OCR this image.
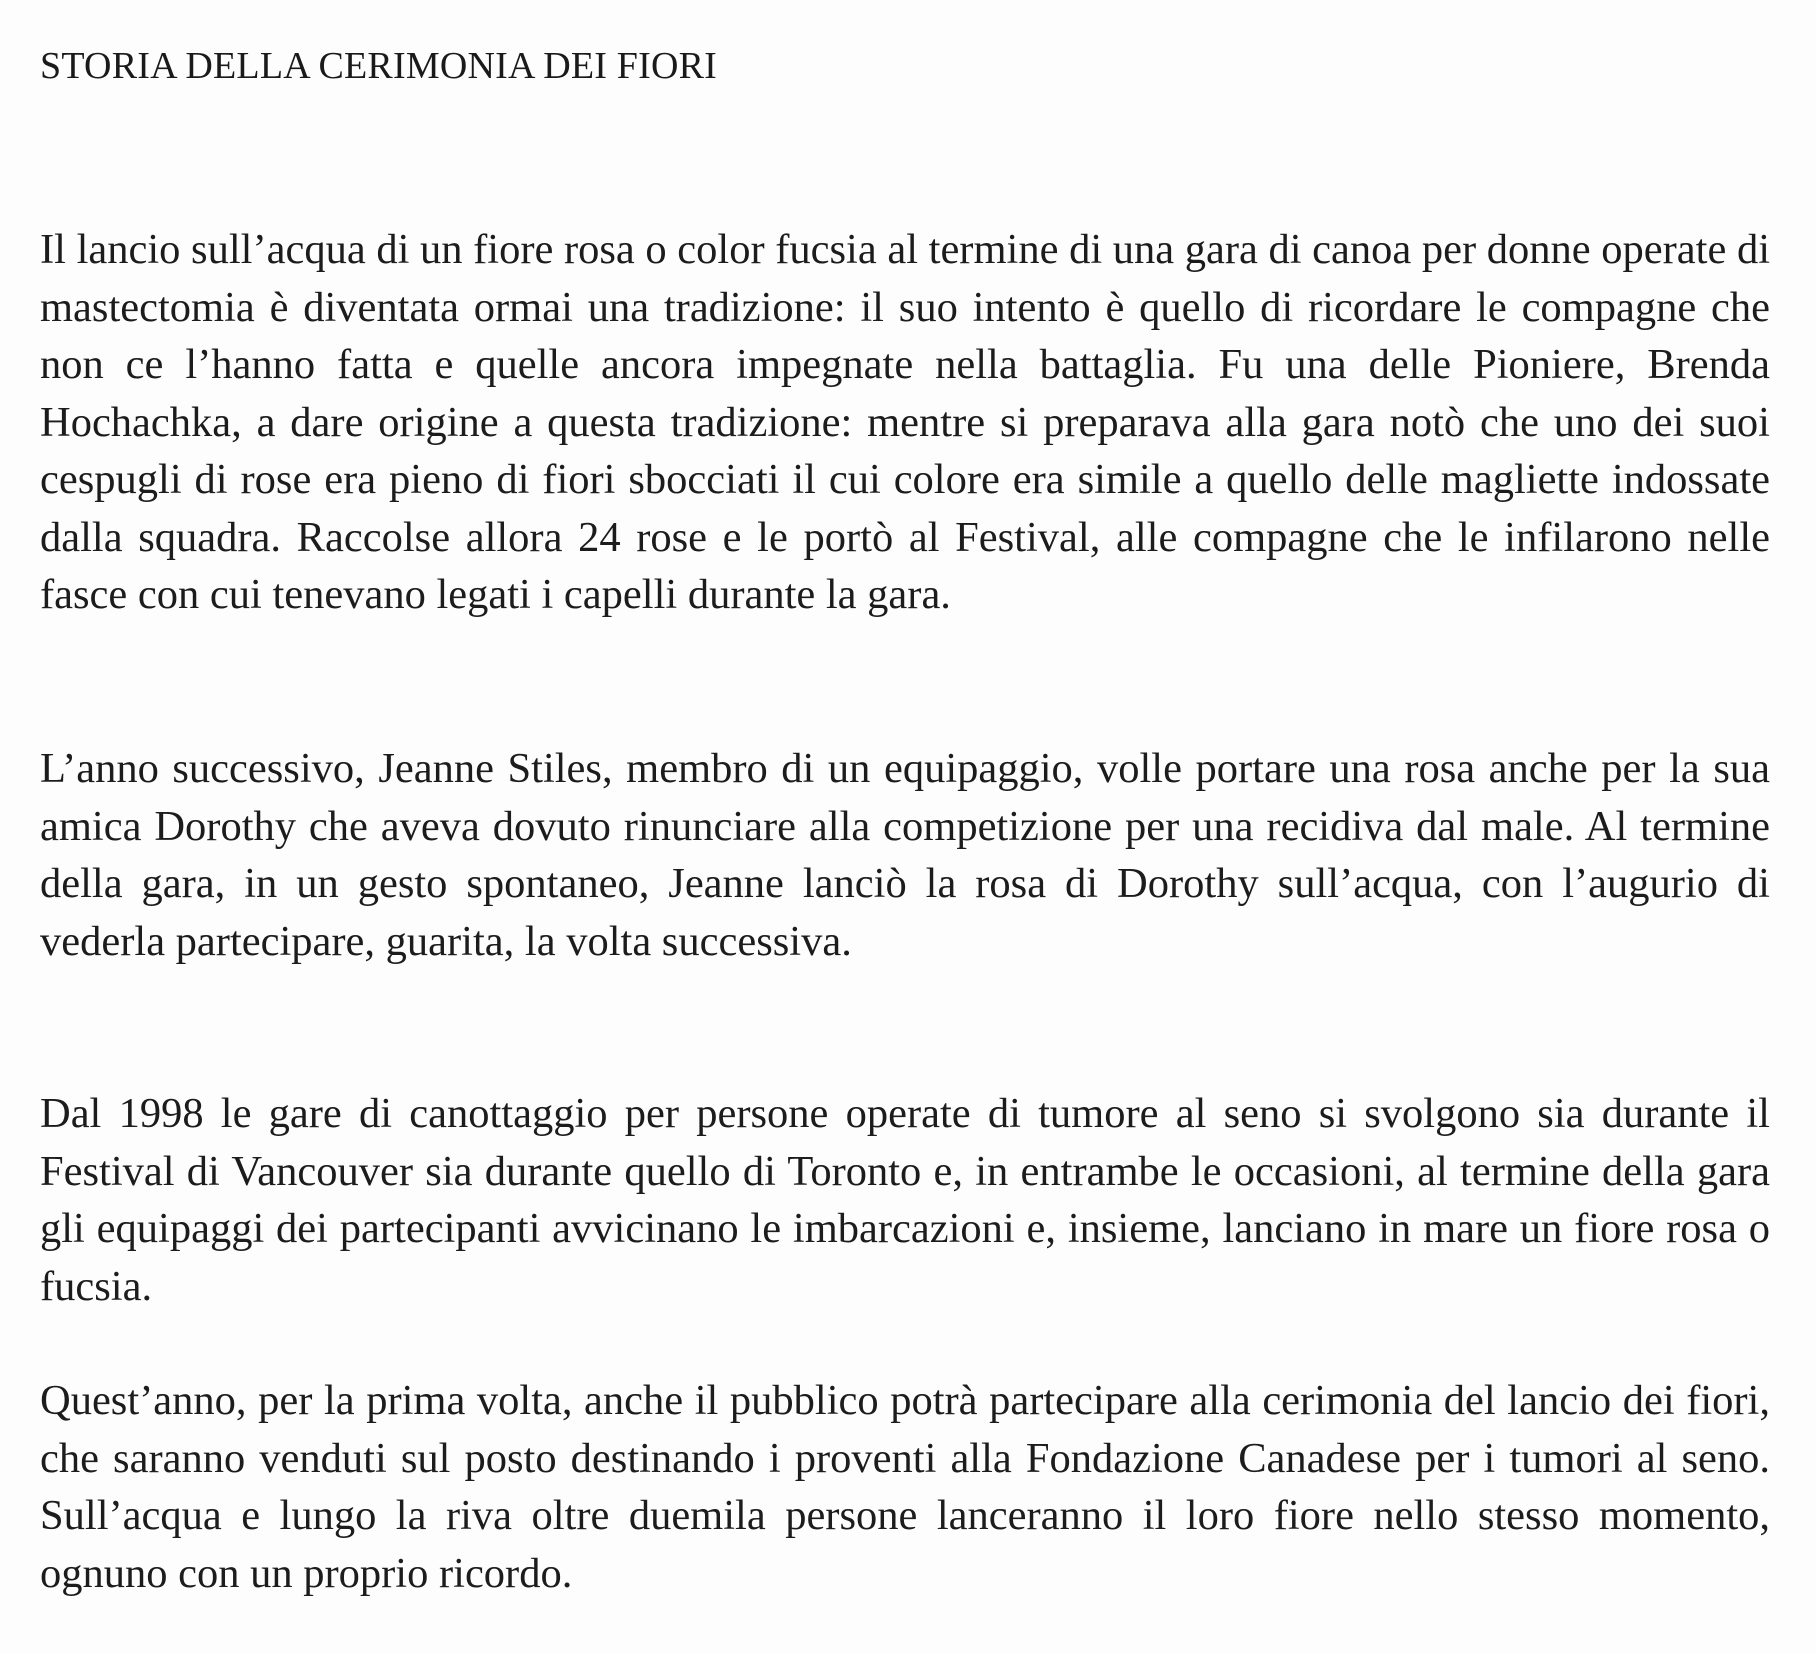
STORIA DELLA CERIMONIA DEI FIORI

Il lancio sull’acqua di un fiore rosa o color fucsia al termine di una gara di canoa per donne operate di mastectomia è diventata ormai una tradizione: il suo intento è quello di ricordare le compagne che non ce l’hanno fatta e quelle ancora impegnate nella battaglia. Fu una delle Pioniere, Brenda Hochachka, a dare origine a questa tradizione: mentre si preparava alla gara notò che uno dei suoi cespugli di rose era pieno di fiori sbocciati il cui colore era simile a quello delle magliette indossate dalla squadra. Raccolse allora 24 rose e le portò al Festival, alle compagne che le infilarono nelle fasce con cui tenevano legati i capelli durante la gara.

L’anno successivo, Jeanne Stiles, membro di un equipaggio, volle portare una rosa anche per la sua amica Dorothy che aveva dovuto rinunciare alla competizione per una recidiva dal male. Al termine della gara, in un gesto spontaneo, Jeanne lanciò la rosa di Dorothy sull’acqua, con l’augurio di vederla partecipare, guarita, la volta successiva.

Dal 1998 le gare di canottaggio per persone operate di tumore al seno si svolgono sia durante il Festival di Vancouver sia durante quello di Toronto e, in entrambe le occasioni, al termine della gara gli equipaggi dei partecipanti avvicinano le imbarcazioni e, insieme, lanciano in mare un fiore rosa o fucsia.

Quest’anno, per la prima volta, anche il pubblico potrà partecipare alla cerimonia del lancio dei fiori, che saranno venduti sul posto destinando i proventi alla Fondazione Canadese per i tumori al seno. Sull’acqua e lungo la riva oltre duemila persone lanceranno il loro fiore nello stesso momento, ognuno con un proprio ricordo.
